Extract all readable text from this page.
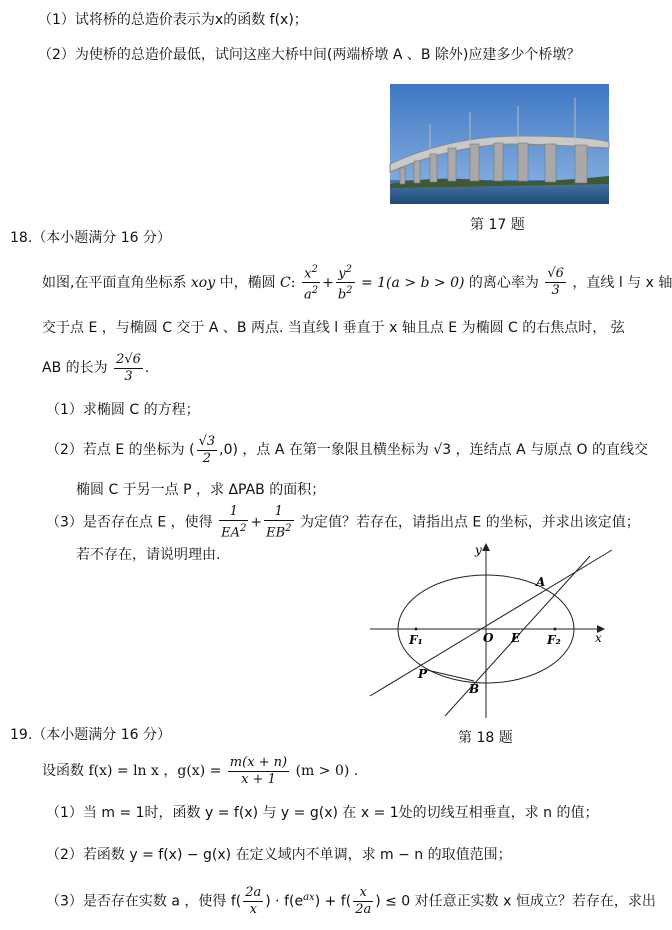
（1）试将桥的总造价表示为x的函数 f(x)；
（2）为使桥的总造价最低，试问这座大桥中间(两端桥墩 A 、B 除外)应建多少个桥墩？
第 17 题
18.（本小题满分 16 分）
如图,在平面直角坐标系 xoy 中，椭圆 C: $\frac{x^2}{a^2} + \frac{y^2}{b^2} = 1(a > b > 0)$ 的离心率为 $\frac{√6}{3}$ ，直线 l 与 x 轴
交于点 E ，与椭圆 C 交于 A 、B 两点. 当直线 l 垂直于 x 轴且点 E 为椭圆 C 的右焦点时， 弦
AB 的长为 $\frac{2√6}{3}$ .
（1）求椭圆 C 的方程；
（2）若点 E 的坐标为 ( $\frac{√3}{2} ,0$) ，点 A 在第一象限且横坐标为 √3 ，连结点 A 与原点 O 的直线交
椭圆 C 于另一点 P ，求 ΔPAB 的面积；
（3）是否存在点 E ，使得 $\frac{1}{EA^2} + \frac{1}{EB^2}$ 为定值？若存在，请指出点 E 的坐标，并求出该定值；
若不存在，请说明理由.	y
x
A
B
P
O E
F₁	F₂
19.（本小题满分 16 分）	第 18 题
设函数 f(x) = ln x ，$g(x) = \frac{m(x + n)}{x + 1} (m > 0)$ .
（1）当 m = 1时，函数 y = f(x) 与 y = g(x) 在 x = 1处的切线互相垂直，求 n 的值；
（2）若函数 y = f(x) − g(x) 在定义域内不单调，求 m − n 的取值范围；
（3）是否存在实数 a ，使得 $f( \frac{2a}{x}$ ) · $f(e^{ax}) + f( \frac{x}{2a}$ ) ≤ 0 对任意正实数 x 恒成立？若存在，求出
